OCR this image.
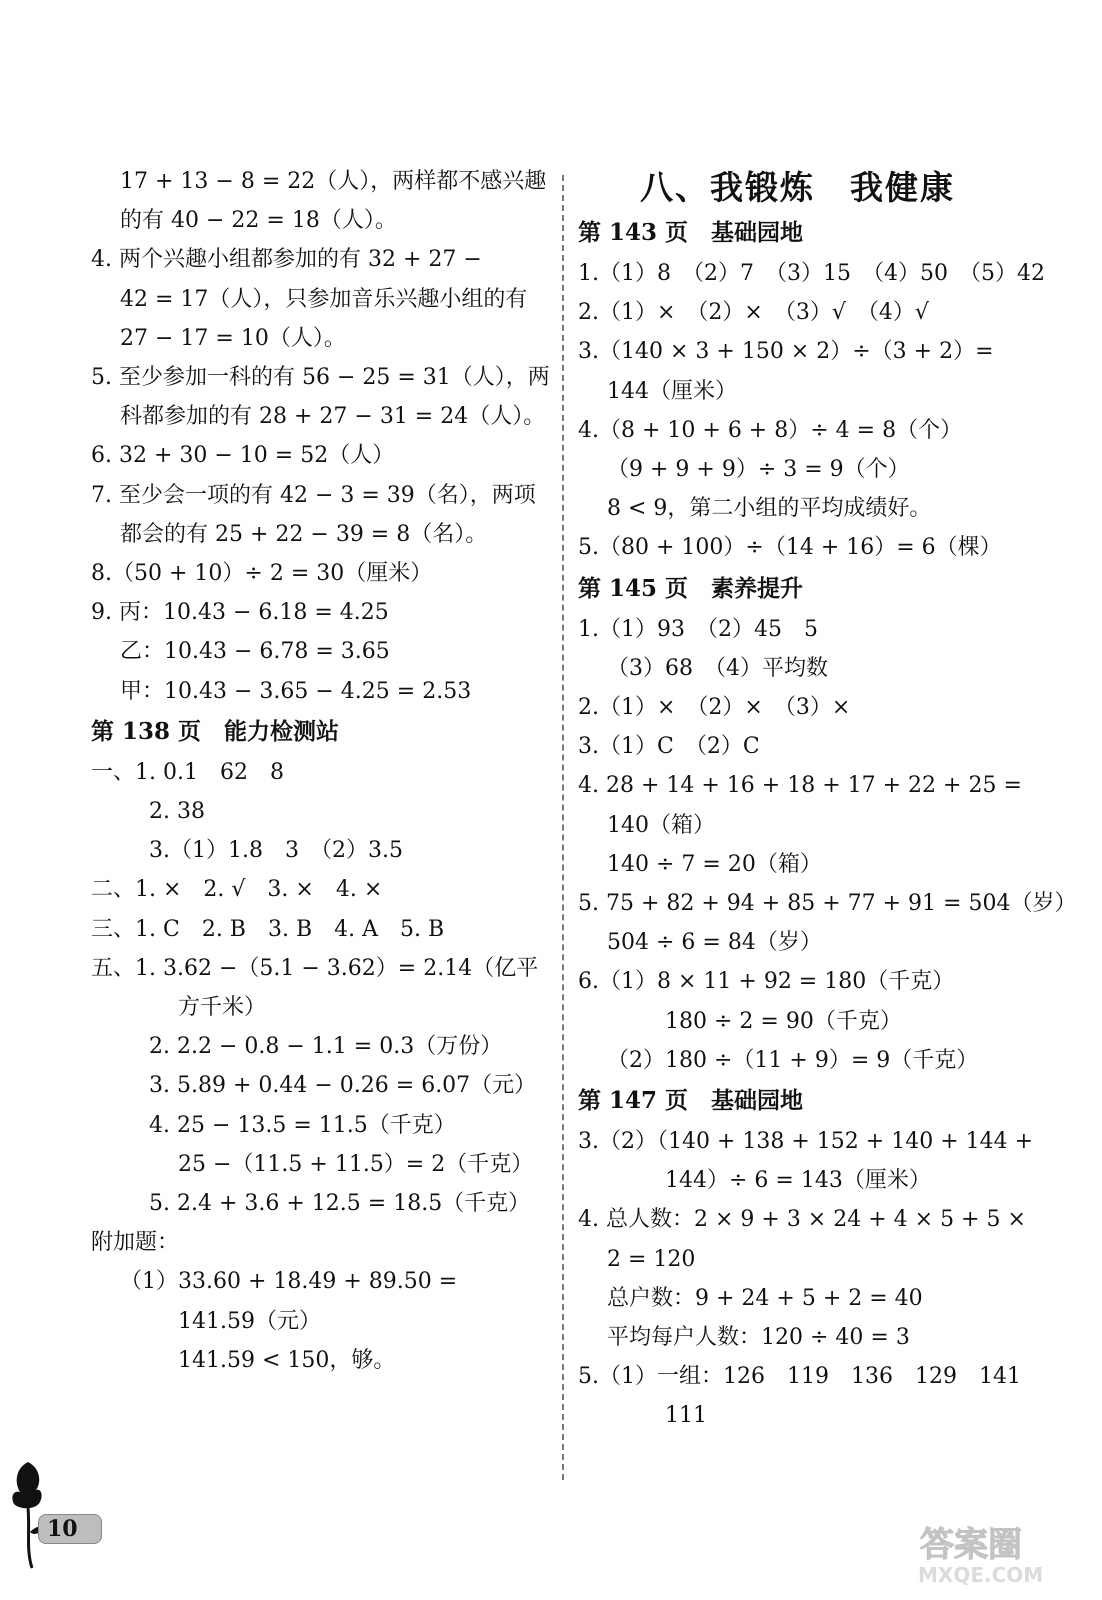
17 + 13 − 8 = 22（人），两样都不感兴趣
的有 40 − 22 = 18（人）。
4. 两个兴趣小组都参加的有 32 + 27 −
42 = 17（人），只参加音乐兴趣小组的有
27 − 17 = 10（人）。
5. 至少参加一科的有 56 − 25 = 31（人），两
科都参加的有 28 + 27 − 31 = 24（人）。
6. 32 + 30 − 10 = 52（人）
7. 至少会一项的有 42 − 3 = 39（名），两项
都会的有 25 + 22 − 39 = 8（名）。
8.（50 + 10）÷ 2 = 30（厘米）
9. 丙：10.43 − 6.18 = 4.25
乙：10.43 − 6.78 = 3.65
甲：10.43 − 3.65 − 4.25 = 2.53
第 138 页　能力检测站
一、1. 0.1　62　8
2. 38
3.（1）1.8　3　（2）3.5
二、1. ×　2. √　3. ×　4. ×
三、1. C　2. B　3. B　4. A　5. B
五、1. 3.62 −（5.1 − 3.62）= 2.14（亿平
方千米）
2. 2.2 − 0.8 − 1.1 = 0.3（万份）
3. 5.89 + 0.44 − 0.26 = 6.07（元）
4. 25 − 13.5 = 11.5（千克）
25 −（11.5 + 11.5）= 2（千克）
5. 2.4 + 3.6 + 12.5 = 18.5（千克）
附加题：
（1）33.60 + 18.49 + 89.50 =
141.59（元）
141.59 < 150，够。
八、我锻炼　我健康
第 143 页　基础园地
1.（1）8　（2）7　（3）15　（4）50　（5）42
2.（1）×　（2）×　（3）√　（4）√
3.（140 × 3 + 150 × 2）÷（3 + 2）=
144（厘米）
4.（8 + 10 + 6 + 8）÷ 4 = 8（个）
（9 + 9 + 9）÷ 3 = 9（个）
8 < 9，第二小组的平均成绩好。
5.（80 + 100）÷（14 + 16）= 6（棵）
第 145 页　素养提升
1.（1）93　（2）45　5
（3）68　（4）平均数
2.（1）×　（2）×　（3）×
3.（1）C　（2）C
4. 28 + 14 + 16 + 18 + 17 + 22 + 25 =
140（箱）
140 ÷ 7 = 20（箱）
5. 75 + 82 + 94 + 85 + 77 + 91 = 504（岁）
504 ÷ 6 = 84（岁）
6.（1）8 × 11 + 92 = 180（千克）
180 ÷ 2 = 90（千克）
（2）180 ÷（11 + 9）= 9（千克）
第 147 页　基础园地
3.（2）（140 + 138 + 152 + 140 + 144 +
144）÷ 6 = 143（厘米）
4. 总人数：2 × 9 + 3 × 24 + 4 × 5 + 5 ×
2 = 120
总户数：9 + 24 + 5 + 2 = 40
平均每户人数：120 ÷ 40 = 3
5.（1）一组：126　119　136　129　141
111
10	答案圈
MXQE.COM
